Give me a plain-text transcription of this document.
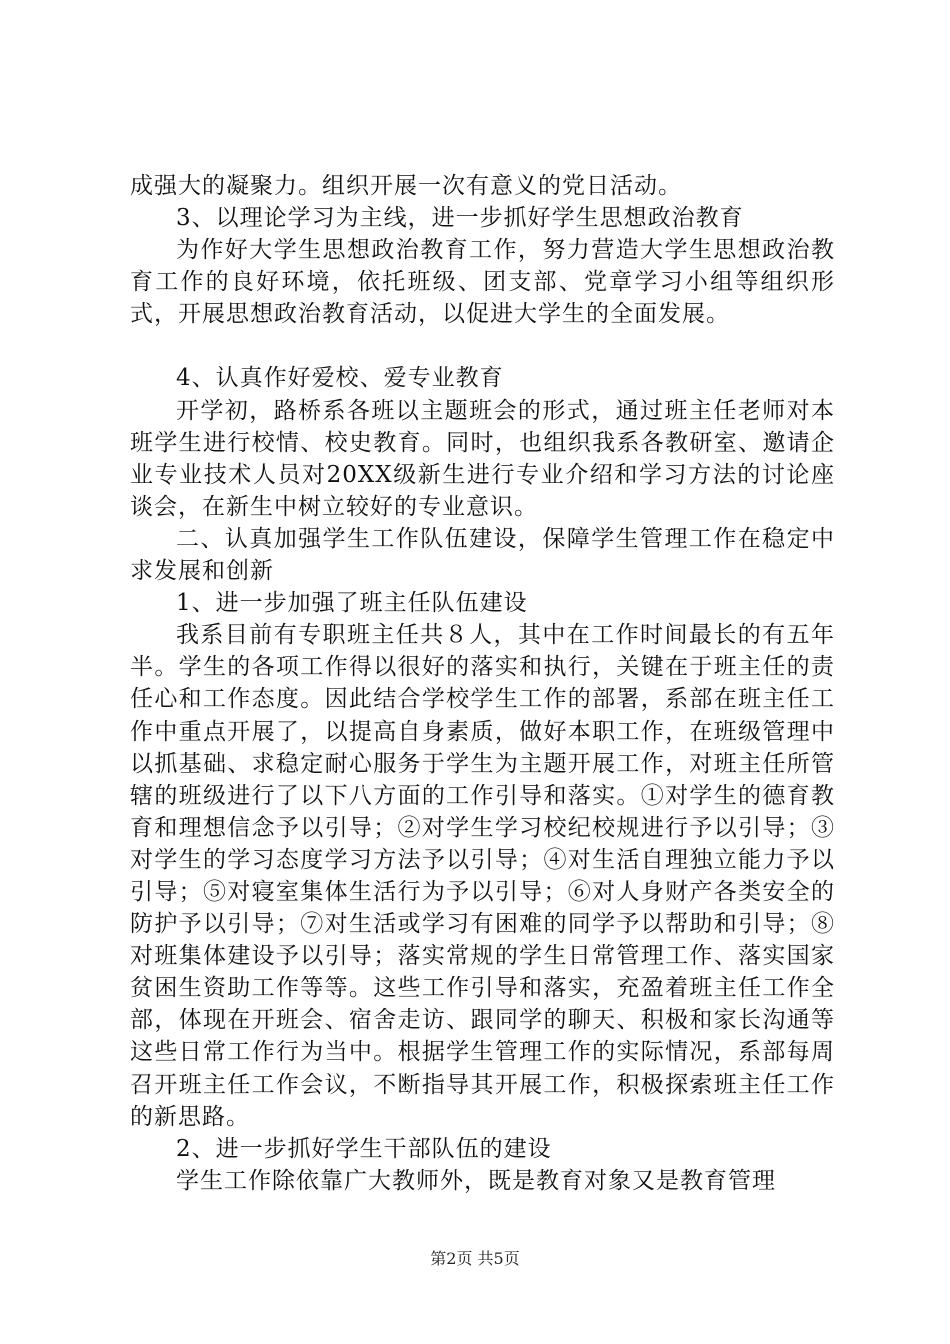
成强大的凝聚力。组织开展一次有意义的党日活动。

3、以理论学习为主线，进一步抓好学生思想政治教育

为作好大学生思想政治教育工作，努力营造大学生思想政治教育工作的良好环境，依托班级、团支部、党章学习小组等组织形式，开展思想政治教育活动，以促进大学生的全面发展。

4、认真作好爱校、爱专业教育

开学初，路桥系各班以主题班会的形式，通过班主任老师对本班学生进行校情、校史教育。同时，也组织我系各教研室、邀请企业专业技术人员对20XX级新生进行专业介绍和学习方法的讨论座谈会，在新生中树立较好的专业意识。

二、认真加强学生工作队伍建设，保障学生管理工作在稳定中求发展和创新

1、进一步加强了班主任队伍建设

我系目前有专职班主任共８人，其中在工作时间最长的有五年半。学生的各项工作得以很好的落实和执行，关键在于班主任的责任心和工作态度。因此结合学校学生工作的部署，系部在班主任工作中重点开展了，以提高自身素质，做好本职工作，在班级管理中以抓基础、求稳定耐心服务于学生为主题开展工作，对班主任所管辖的班级进行了以下八方面的工作引导和落实。①对学生的德育教育和理想信念予以引导；②对学生学习校纪校规进行予以引导；③对学生的学习态度学习方法予以引导；④对生活自理独立能力予以引导；⑤对寝室集体生活行为予以引导；⑥对人身财产各类安全的防护予以引导；⑦对生活或学习有困难的同学予以帮助和引导；⑧对班集体建设予以引导；落实常规的学生日常管理工作、落实国家贫困生资助工作等等。这些工作引导和落实，充盈着班主任工作全部，体现在开班会、宿舍走访、跟同学的聊天、积极和家长沟通等这些日常工作行为当中。根据学生管理工作的实际情况，系部每周召开班主任工作会议，不断指导其开展工作，积极探索班主任工作的新思路。

2、进一步抓好学生干部队伍的建设

学生工作除依靠广大教师外，既是教育对象又是教育管理

第2页 共5页
